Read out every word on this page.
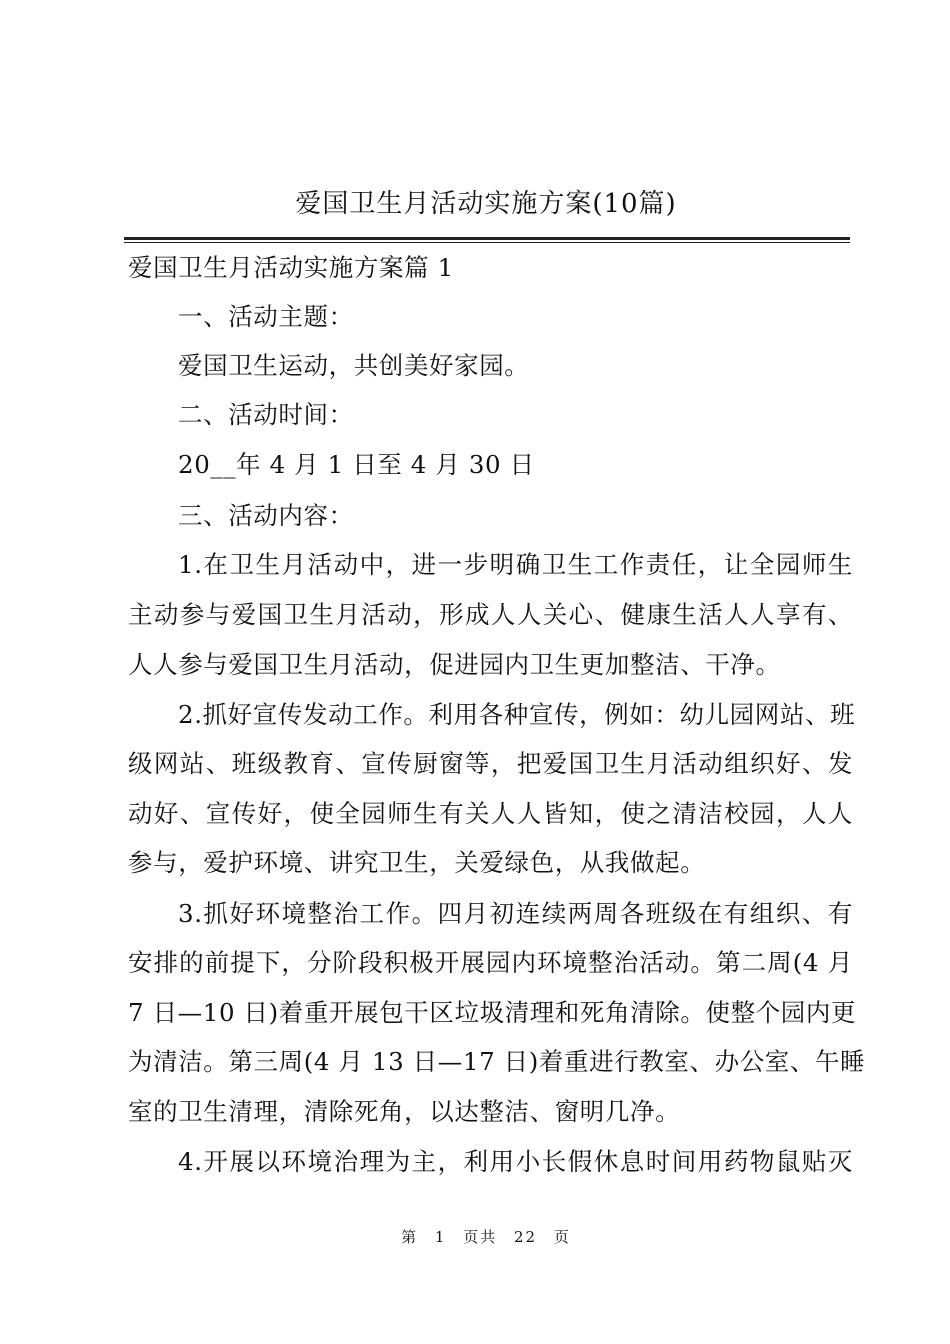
爱国卫生月活动实施方案(10篇)
爱国卫生月活动实施方案篇 1
一、活动主题：
爱国卫生运动，共创美好家园。
二、活动时间：
20__年 4 月 1 日至 4 月 30 日
三、活动内容：
1.在卫生月活动中，进一步明确卫生工作责任，让全园师生
主动参与爱国卫生月活动，形成人人关心、健康生活人人享有、
人人参与爱国卫生月活动，促进园内卫生更加整洁、干净。
2.抓好宣传发动工作。利用各种宣传，例如：幼儿园网站、班
级网站、班级教育、宣传厨窗等，把爱国卫生月活动组织好、发
动好、宣传好，使全园师生有关人人皆知，使之清洁校园，人人
参与，爱护环境、讲究卫生，关爱绿色，从我做起。
3.抓好环境整治工作。四月初连续两周各班级在有组织、有
安排的前提下，分阶段积极开展园内环境整治活动。第二周(4 月
7 日—10 日)着重开展包干区垃圾清理和死角清除。使整个园内更
为清洁。第三周(4 月 13 日—17 日)着重进行教室、办公室、午睡
室的卫生清理，清除死角，以达整洁、窗明几净。
4.开展以环境治理为主，利用小长假休息时间用药物鼠贴灭
第 1 页共 22 页
